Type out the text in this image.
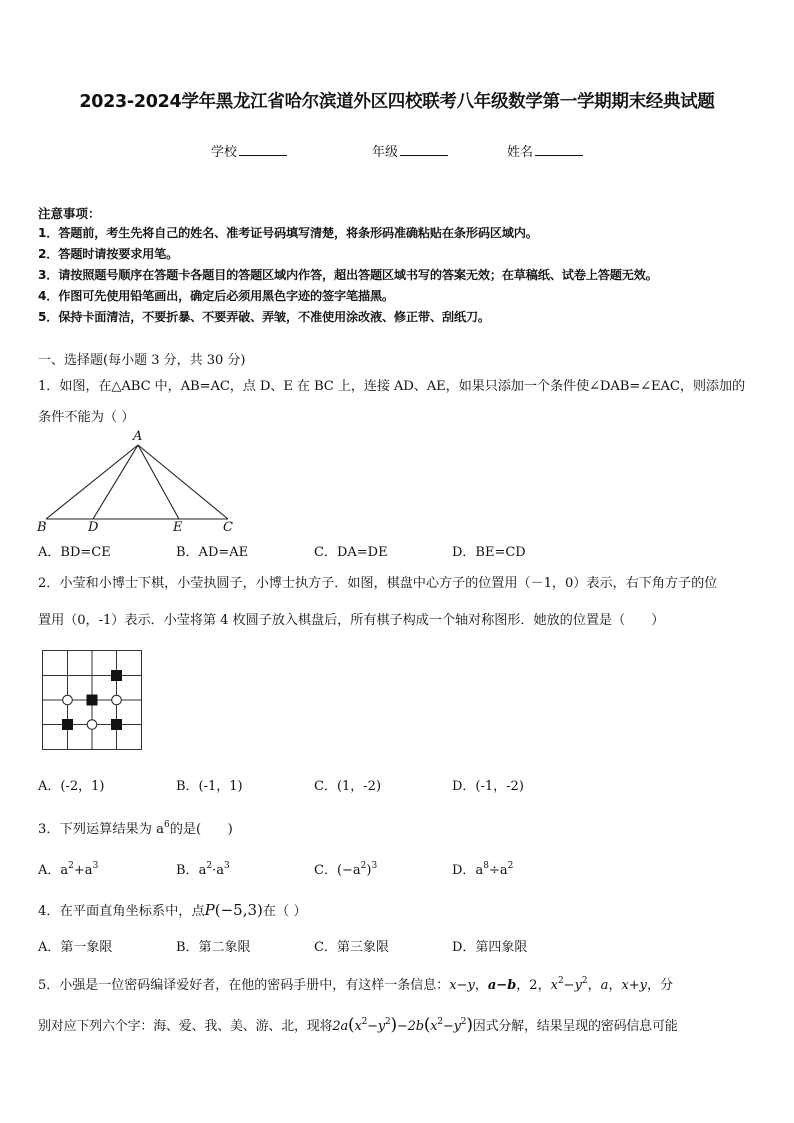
2023-2024学年黑龙江省哈尔滨道外区四校联考八年级数学第一学期期末经典试题
学校	年级	姓名
注意事项：
1．答题前，考生先将自己的姓名、准考证号码填写清楚，将条形码准确粘贴在条形码区域内。
2．答题时请按要求用笔。
3．请按照题号顺序在答题卡各题目的答题区域内作答，超出答题区域书写的答案无效；在草稿纸、试卷上答题无效。
4．作图可先使用铅笔画出，确定后必须用黑色字迹的签字笔描黑。
5．保持卡面清洁，不要折暴、不要弄破、弄皱，不准使用涂改液、修正带、刮纸刀。
一、选择题(每小题 3 分，共 30 分)
1．如图，在△ABC 中，AB=AC，点 D、E 在 BC 上，连接 AD、AE，如果只添加一个条件使∠DAB=∠EAC，则添加的
条件不能为（ ）
A
B	D	E	C
A．BD=CE	B．AD=AE	C．DA=DE	D．BE=CD
2．小莹和小博士下棋，小莹执圆子，小博士执方子．如图，棋盘中心方子的位置用（－1，0）表示，右下角方子的位
置用（0，-1）表示．小莹将第 4 枚圆子放入棋盘后，所有棋子构成一个轴对称图形．她放的位置是（　　）
A．(-2，1)	B．(-1，1)	C．(1，-2)	D．(-1，-2)
3．下列运算结果为 $a^6$的是(　　)
A．$a^2+a^3$	B．$a^2\cdot a^3$	C．$(-a^2)^3$	D．$a^8\div a^2$
4．在平面直角坐标系中，点P(−5,3)在（ ）
A．第一象限	B．第二象限	C．第三象限	D．第四象限
5．小强是一位密码编译爱好者，在他的密码手册中，有这样一条信息：x−y，a−b，2，$x^2-y^2$，a，x+y，分
别对应下列六个字：海、爱、我、美、游、北，现将$2a(x^2-y^2)-2b(x^2-y^2)$因式分解，结果呈现的密码信息可能
